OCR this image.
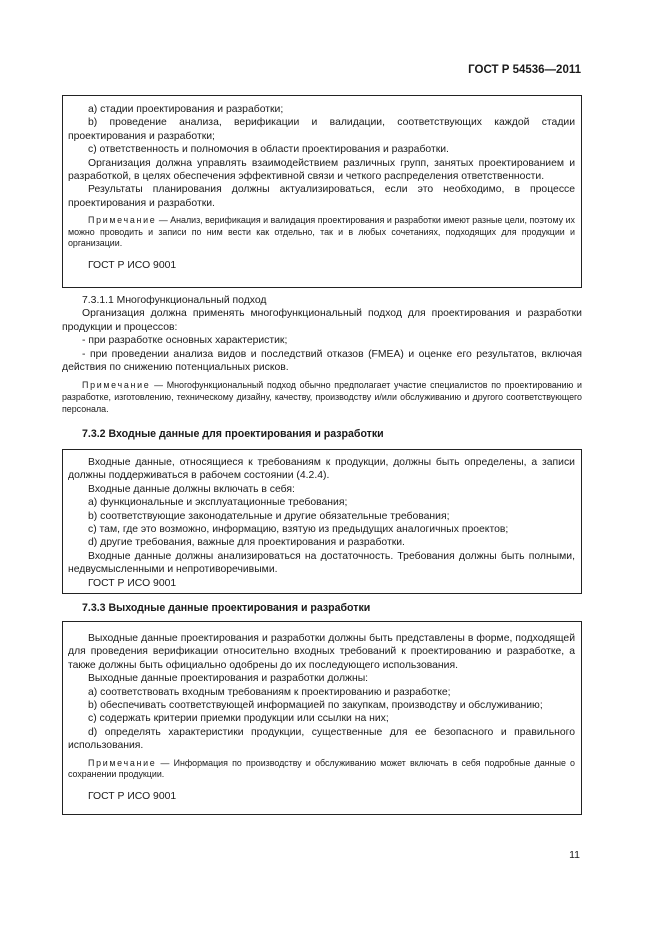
ГОСТ Р 54536—2011

а) стадии проектирования и разработки;

b) проведение анализа, верификации и валидации, соответствующих каждой стадии проектирования и разработки;

c) ответственность и полномочия в области проектирования и разработки.

Организация должна управлять взаимодействием различных групп, занятых проектированием и разработкой, в целях обеспечения эффективной связи и четкого распределения ответственности.

Результаты планирования должны актуализироваться, если это необходимо, в процессе проектирования и разработки.

Примечание — Анализ, верификация и валидация проектирования и разработки имеют разные цели, поэтому их можно проводить и записи по ним вести как отдельно, так и в любых сочетаниях, подходящих для продукции и организации.

ГОСТ Р ИСО 9001

7.3.1.1 Многофункциональный подход

Организация должна применять многофункциональный подход для проектирования и разработки продукции и процессов:

- при разработке основных характеристик;

- при проведении анализа видов и последствий отказов (FMEA) и оценке его результатов, включая действия по снижению потенциальных рисков.

Примечание — Многофункциональный подход обычно предполагает участие специалистов по проектированию и разработке, изготовлению, техническому дизайну, качеству, производству и/или обслуживанию и другого соответствующего персонала.

7.3.2 Входные данные для проектирования и разработки

Входные данные, относящиеся к требованиям к продукции, должны быть определены, а записи должны поддерживаться в рабочем состоянии (4.2.4).

Входные данные должны включать в себя:

a) функциональные и эксплуатационные требования;

b) соответствующие законодательные и другие обязательные требования;

c) там, где это возможно, информацию, взятую из предыдущих аналогичных проектов;

d) другие требования, важные для проектирования и разработки.

Входные данные должны анализироваться на достаточность. Требования должны быть полными, недвусмысленными и непротиворечивыми.

ГОСТ Р ИСО 9001

7.3.3 Выходные данные проектирования и разработки

Выходные данные проектирования и разработки должны быть представлены в форме, подходящей для проведения верификации относительно входных требований к проектированию и разработке, а также должны быть официально одобрены до их последующего использования.

Выходные данные проектирования и разработки должны:

a) соответствовать входным требованиям к проектированию и разработке;

b) обеспечивать соответствующей информацией по закупкам, производству и обслуживанию;

c) содержать критерии приемки продукции или ссылки на них;

d) определять характеристики продукции, существенные для ее безопасного и правильного использования.

Примечание — Информация по производству и обслуживанию может включать в себя подробные данные о сохранении продукции.

ГОСТ Р ИСО 9001

11
